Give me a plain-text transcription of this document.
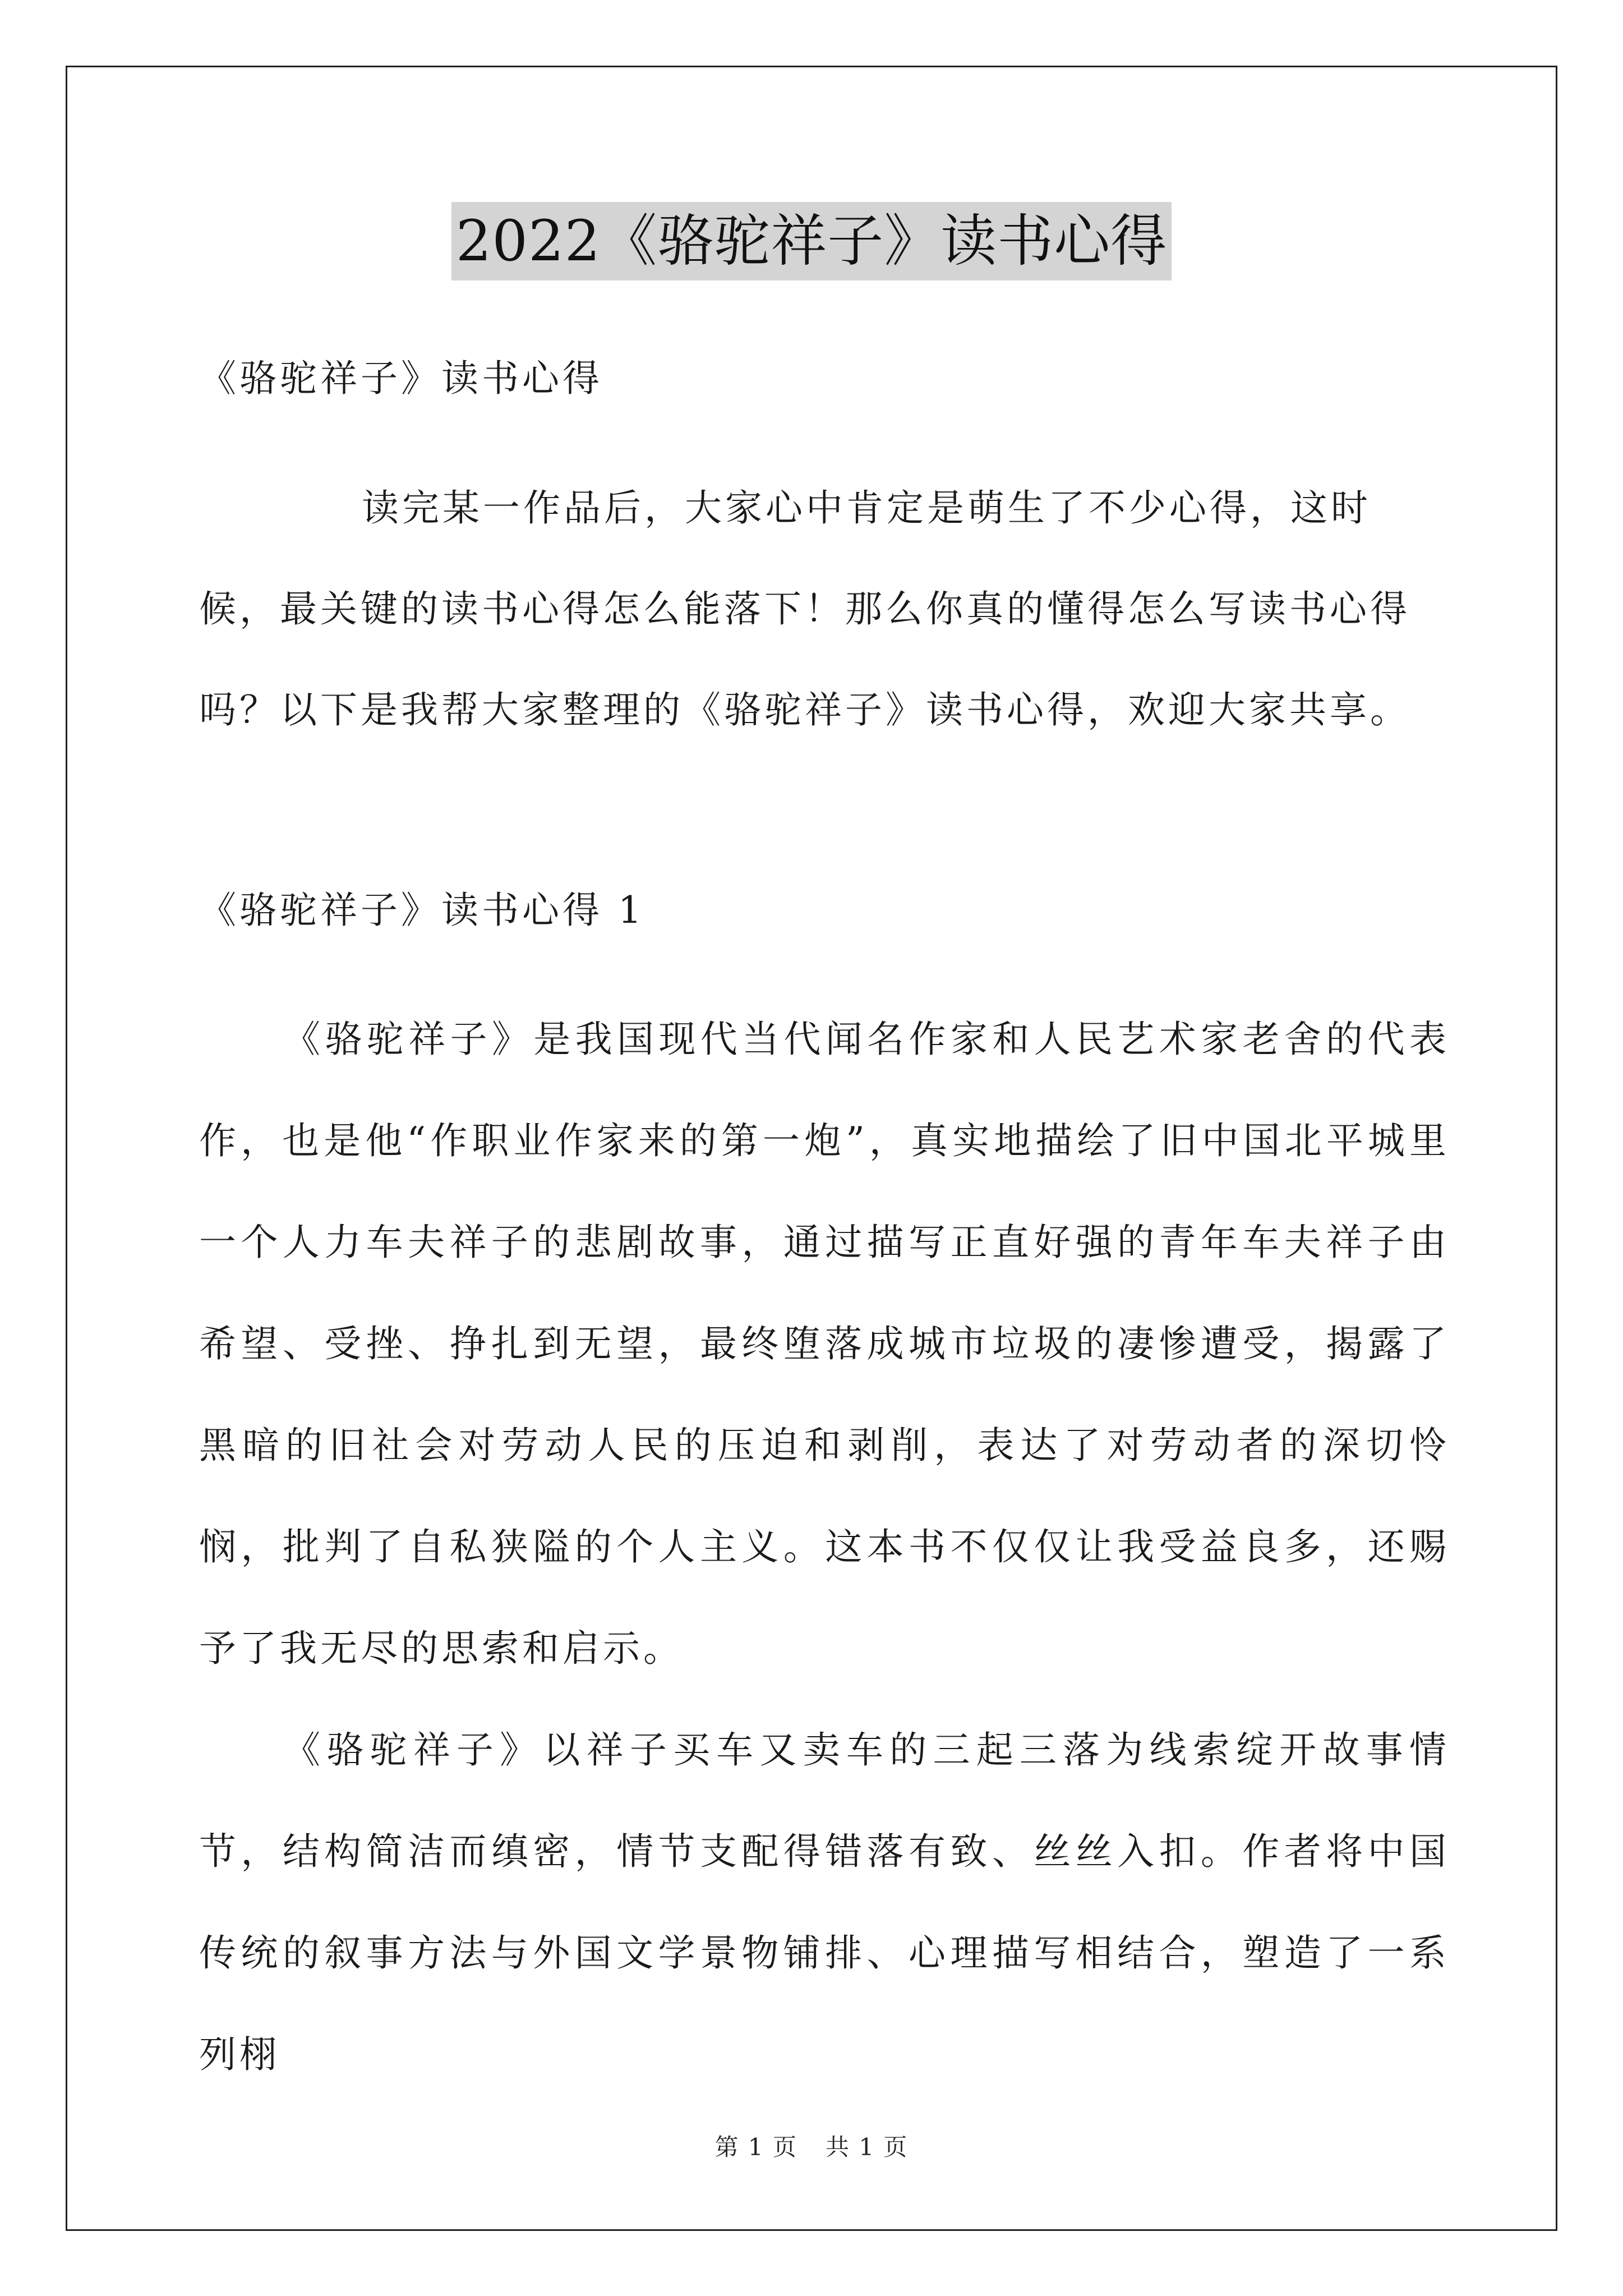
2022《骆驼祥子》读书心得
《骆驼祥子》读书心得

读完某一作品后，大家心中肯定是萌生了不少心得，这时候，最关键的读书心得怎么能落下！那么你真的懂得怎么写读书心得吗？以下是我帮大家整理的《骆驼祥子》读书心得，欢迎大家共享。

《骆驼祥子》读书心得 1

《骆驼祥子》是我国现代当代闻名作家和人民艺术家老舍的代表作，也是他“作职业作家来的第一炮”，真实地描绘了旧中国北平城里一个人力车夫祥子的悲剧故事，通过描写正直好强的青年车夫祥子由希望、受挫、挣扎到无望，最终堕落成城市垃圾的凄惨遭受，揭露了黑暗的旧社会对劳动人民的压迫和剥削，表达了对劳动者的深切怜悯，批判了自私狭隘的个人主义。这本书不仅仅让我受益良多，还赐予了我无尽的思索和启示。

《骆驼祥子》以祥子买车又卖车的三起三落为线索绽开故事情节，结构简洁而缜密，情节支配得错落有致、丝丝入扣。作者将中国传统的叙事方法与外国文学景物铺排、心理描写相结合，塑造了一系列栩

第 1 页 共 1 页
